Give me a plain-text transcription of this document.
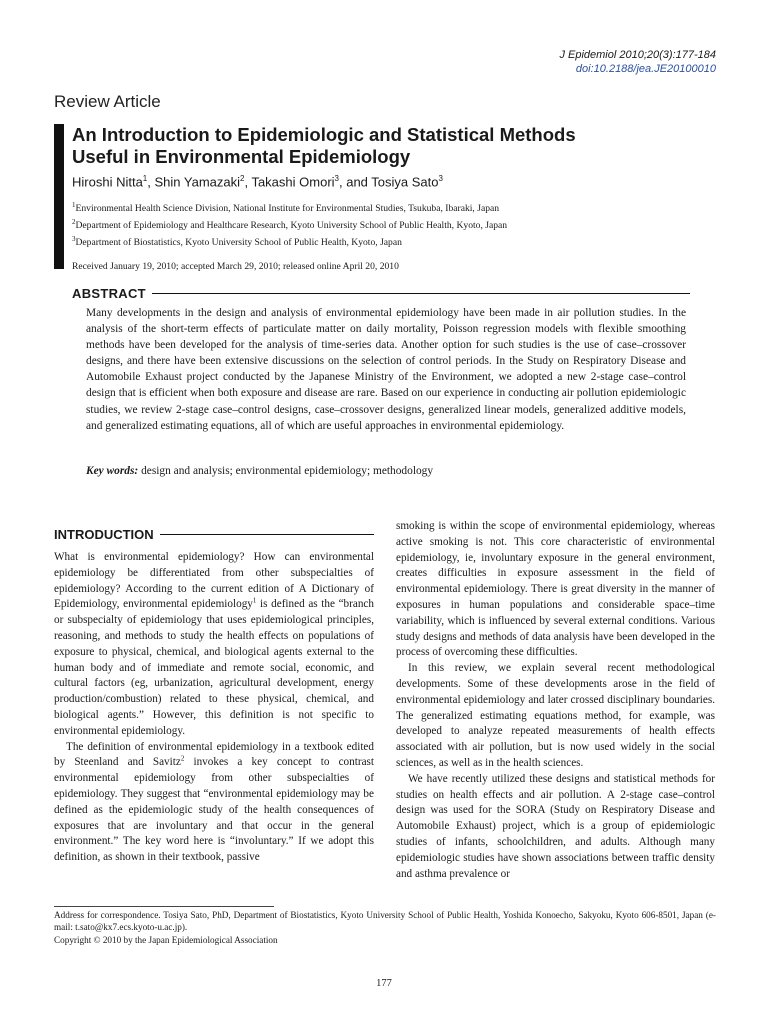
J Epidemiol 2010;20(3):177-184
doi:10.2188/jea.JE20100010
Review Article
An Introduction to Epidemiologic and Statistical Methods
Useful in Environmental Epidemiology
Hiroshi Nitta$^1$, Shin Yamazaki$^2$, Takashi Omori$^3$, and Tosiya Sato$^3$
$^1$Environmental Health Science Division, National Institute for Environmental Studies, Tsukuba, Ibaraki, Japan
$^2$Department of Epidemiology and Healthcare Research, Kyoto University School of Public Health, Kyoto, Japan
$^3$Department of Biostatistics, Kyoto University School of Public Health, Kyoto, Japan
Received January 19, 2010; accepted March 29, 2010; released online April 20, 2010
ABSTRACT
Many developments in the design and analysis of environmental epidemiology have been made in air pollution studies. In the analysis of the short-term effects of particulate matter on daily mortality, Poisson regression models with flexible smoothing methods have been developed for the analysis of time-series data. Another option for such studies is the use of case–crossover designs, and there have been extensive discussions on the selection of control periods. In the Study on Respiratory Disease and Automobile Exhaust project conducted by the Japanese Ministry of the Environment, we adopted a new 2-stage case–control design that is efficient when both exposure and disease are rare. Based on our experience in conducting air pollution epidemiologic studies, we review 2-stage case–control designs, case–crossover designs, generalized linear models, generalized additive models, and generalized estimating equations, all of which are useful approaches in environmental epidemiology.
Key words: design and analysis; environmental epidemiology; methodology
INTRODUCTION

What is environmental epidemiology? How can environmental epidemiology be differentiated from other subspecialties of epidemiology? According to the current edition of A Dictionary of Epidemiology, environmental epidemiology$^1$ is defined as the “branch or subspecialty of epidemiology that uses epidemiological principles, reasoning, and methods to study the health effects on populations of exposure to physical, chemical, and biological agents external to the human body and of immediate and remote social, economic, and cultural factors (eg, urbanization, agricultural development, energy production/combustion) related to these physical, chemical, and biological agents.” However, this definition is not specific to environmental epidemiology.

The definition of environmental epidemiology in a textbook edited by Steenland and Savitz$^2$ invokes a key concept to contrast environmental epidemiology from other subspecialties of epidemiology. They suggest that “environmental epidemiology may be defined as the epidemiologic study of the health consequences of exposures that are involuntary and that occur in the general environment.” The key word here is “involuntary.” If we adopt this definition, as shown in their textbook, passive

smoking is within the scope of environmental epidemiology, whereas active smoking is not. This core characteristic of environmental epidemiology, ie, involuntary exposure in the general environment, creates difficulties in exposure assessment in the field of environmental epidemiology. There is great diversity in the manner of exposures in human populations and considerable space–time variability, which is influenced by several external conditions. Various study designs and methods of data analysis have been developed in the process of overcoming these difficulties.

In this review, we explain several recent methodological developments. Some of these developments arose in the field of environmental epidemiology and later crossed disciplinary boundaries. The generalized estimating equations method, for example, was developed to analyze repeated measurements of health effects associated with air pollution, but is now used widely in the social sciences, as well as in the health sciences.

We have recently utilized these designs and statistical methods for studies on health effects and air pollution. A 2-stage case–control design was used for the SORA (Study on Respiratory Disease and Automobile Exhaust) project, which is a group of epidemiologic studies of infants, schoolchildren, and adults. Although many epidemiologic studies have shown associations between traffic density and asthma prevalence or

Address for correspondence. Tosiya Sato, PhD, Department of Biostatistics, Kyoto University School of Public Health, Yoshida Konoecho, Sakyoku, Kyoto 606-8501, Japan (e-mail: t.sato@kx7.ecs.kyoto-u.ac.jp).
Copyright © 2010 by the Japan Epidemiological Association
177
